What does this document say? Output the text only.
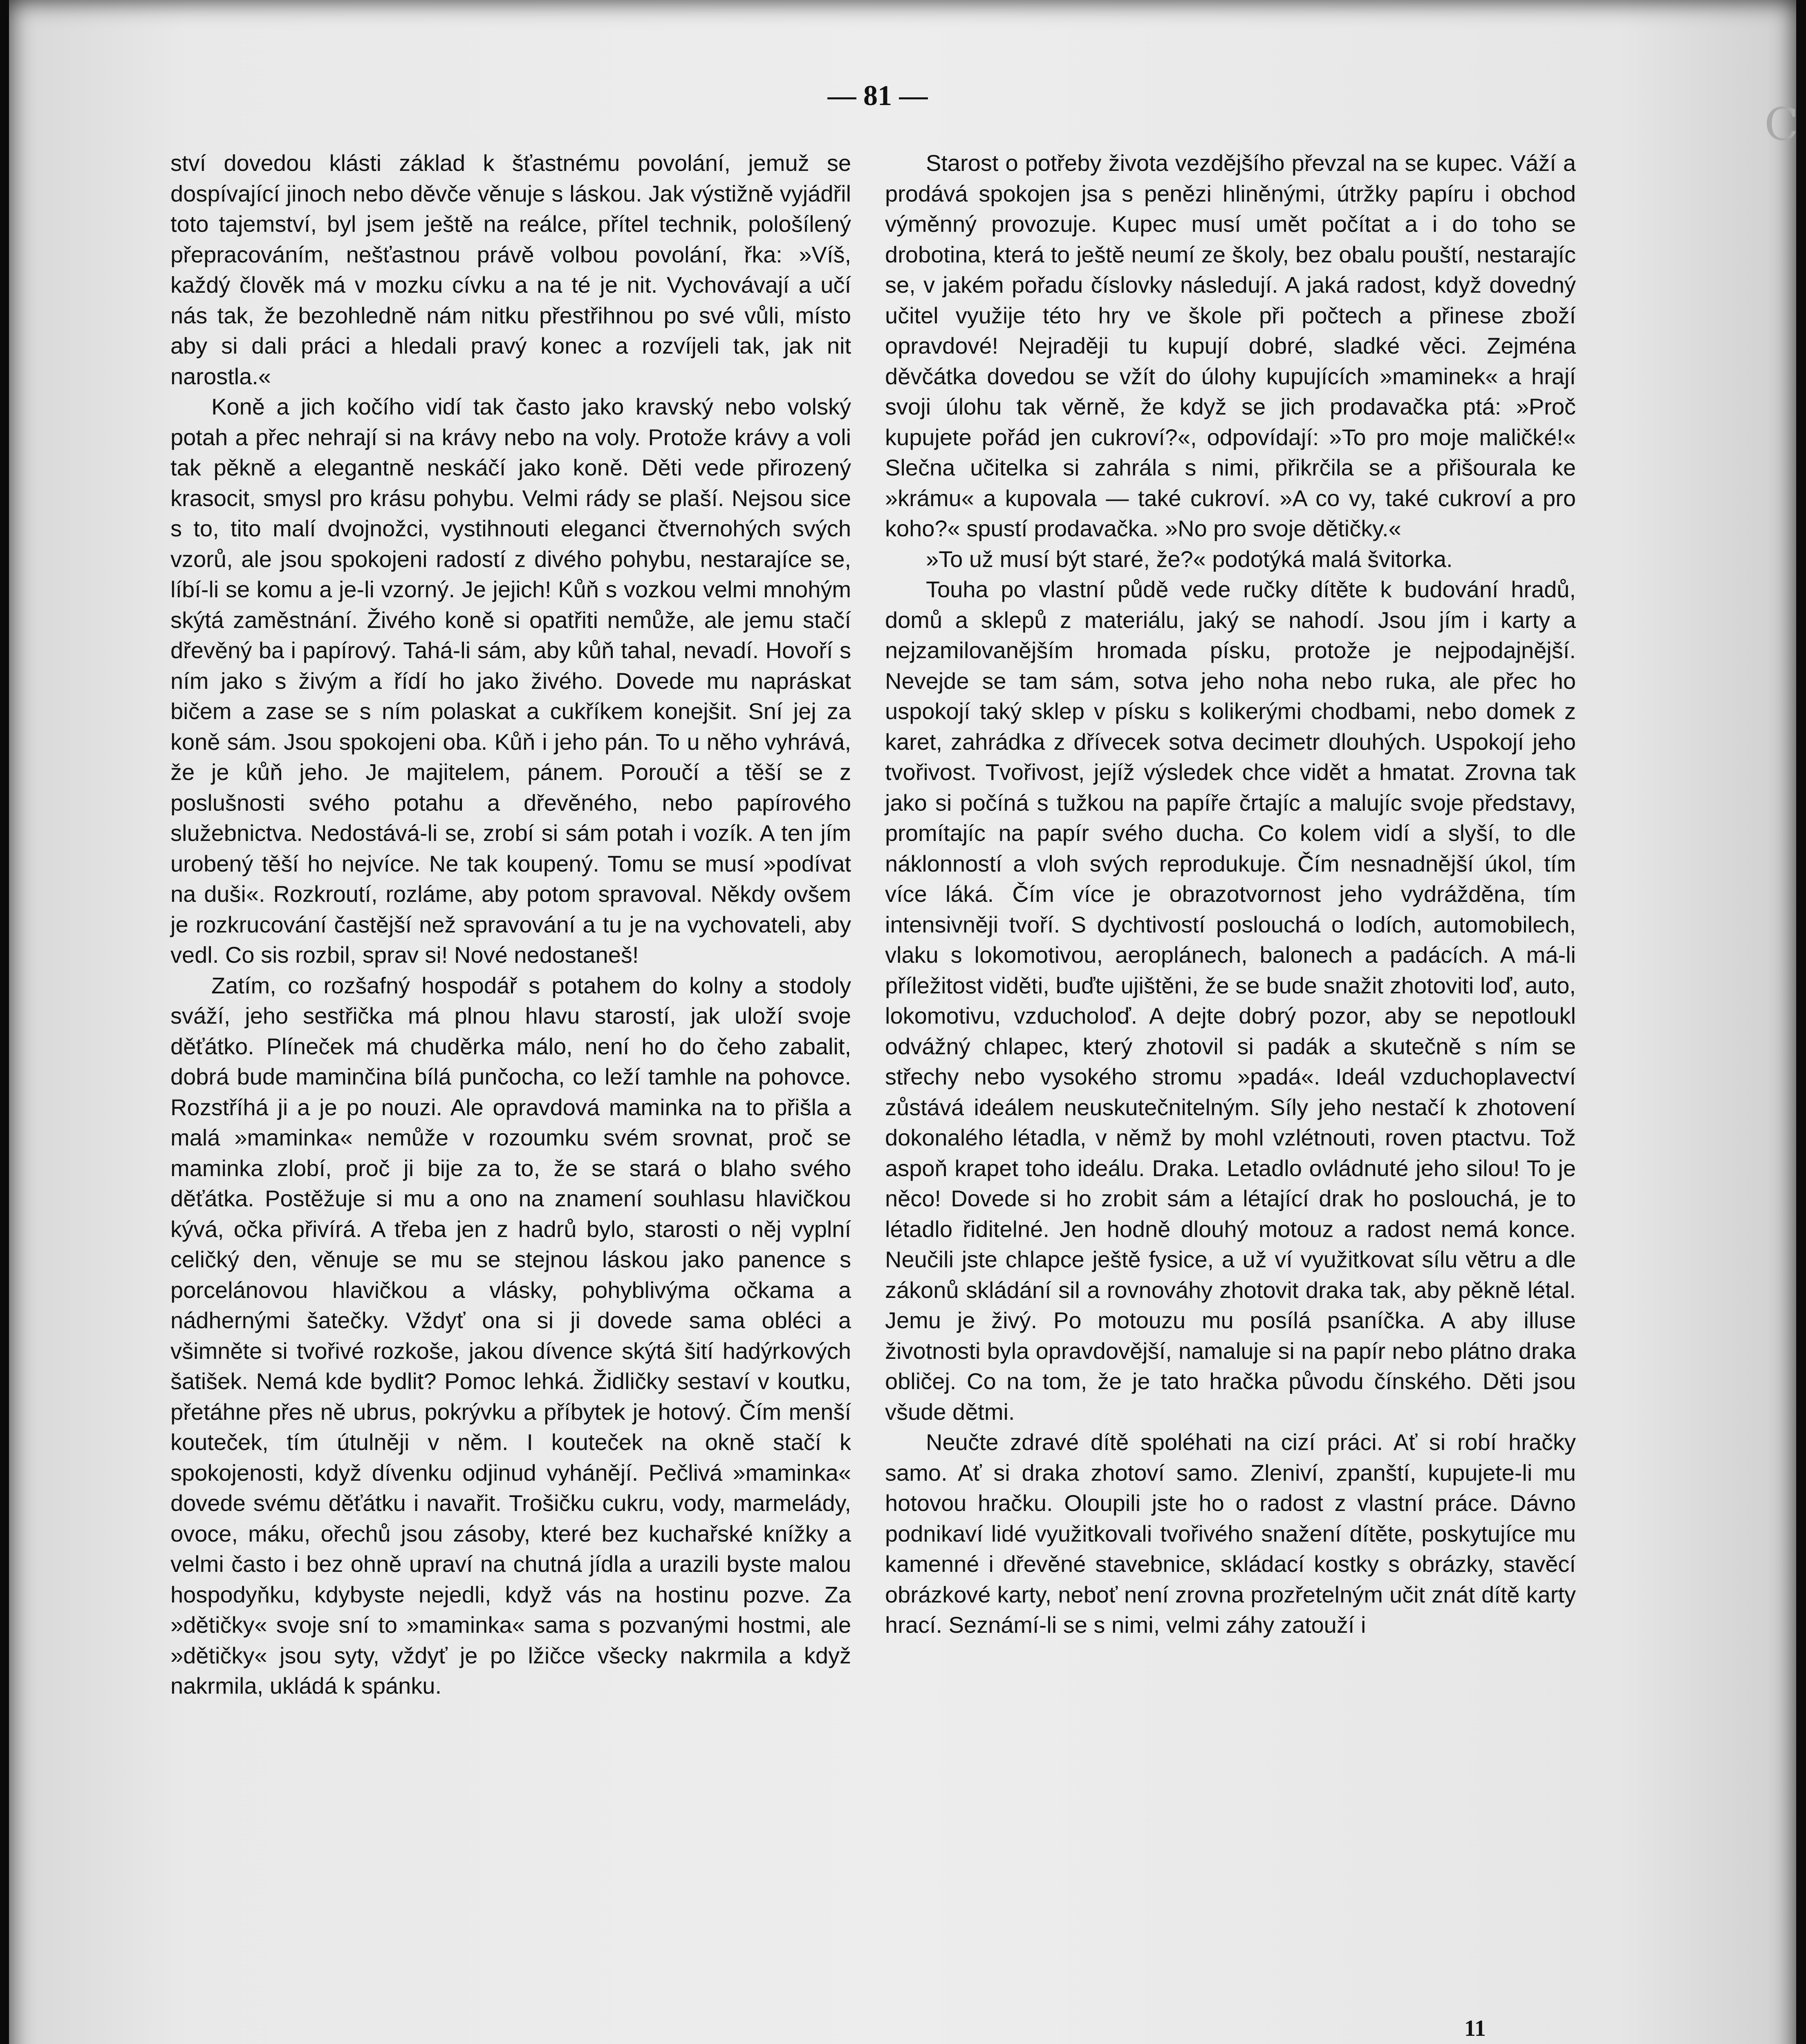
— 81 —

ství dovedou klásti základ k šťastnému povolání, jemuž se dospívající jinoch nebo děvče věnuje s láskou. Jak výstižně vyjádřil toto tajemství, byl jsem ještě na reálce, přítel technik, pološílený přepracováním, nešťastnou právě volbou povolání, řka: »Víš, každý člověk má v mozku cívku a na té je nit. Vychovávají a učí nás tak, že bezohledně nám nitku přestřihnou po své vůli, místo aby si dali práci a hledali pravý konec a rozvíjeli tak, jak nit narostla.«

Koně a jich kočího vidí tak často jako kravský nebo volský potah a přec nehrají si na krávy nebo na voly. Protože krávy a voli tak pěkně a elegantně neskáčí jako koně. Děti vede přirozený krasocit, smysl pro krásu pohybu. Velmi rády se plaší. Nejsou sice s to, tito malí dvojnožci, vystihnouti eleganci čtvernohých svých vzorů, ale jsou spokojeni radostí z divého pohybu, nestarajíce se, líbí-li se komu a je-li vzorný. Je jejich! Kůň s vozkou velmi mnohým skýtá zaměstnání. Živého koně si opatřiti nemůže, ale jemu stačí dřevěný ba i papírový. Tahá-li sám, aby kůň tahal, nevadí. Hovoří s ním jako s živým a řídí ho jako živého. Dovede mu napráskat bičem a zase se s ním polaskat a cukříkem konejšit. Sní jej za koně sám. Jsou spokojeni oba. Kůň i jeho pán. To u něho vyhrává, že je kůň jeho. Je majitelem, pánem. Poroučí a těší se z poslušnosti svého potahu a dřevěného, nebo papírového služebnictva. Nedostává-li se, zrobí si sám potah i vozík. A ten jím urobený těší ho nejvíce. Ne tak koupený. Tomu se musí »podívat na duši«. Rozkroutí, rozláme, aby potom spravoval. Někdy ovšem je rozkrucování častější než spravování a tu je na vychovateli, aby vedl. Co sis rozbil, sprav si! Nové nedostaneš!

Zatím, co rozšafný hospodář s potahem do kolny a stodoly sváží, jeho sestřička má plnou hlavu starostí, jak uloží svoje děťátko. Plíneček má chuděrka málo, není ho do čeho zabalit, dobrá bude maminčina bílá punčocha, co leží tamhle na pohovce. Rozstříhá ji a je po nouzi. Ale opravdová maminka na to přišla a malá »maminka« nemůže v rozoumku svém srovnat, proč se maminka zlobí, proč ji bije za to, že se stará o blaho svého děťátka. Postěžuje si mu a ono na znamení souhlasu hlavičkou kývá, očka přivírá. A třeba jen z hadrů bylo, starosti o něj vyplní celičký den, věnuje se mu se stejnou láskou jako panence s porcelánovou hlavičkou a vlásky, pohyblivýma očkama a nádhernými šatečky. Vždyť ona si ji dovede sama obléci a všimněte si tvořivé rozkoše, jakou dívence skýtá šití hadýrkových šatišek. Nemá kde bydlit? Pomoc lehká. Židličky sestaví v koutku, přetáhne přes ně ubrus, pokrývku a příbytek je hotový. Čím menší kouteček, tím útulněji v něm. I kouteček na okně stačí k spokojenosti, když dívenku odjinud vyhánějí. Pečlivá »maminka« dovede svému děťátku i navařit. Trošičku cukru, vody, marmelády, ovoce, máku, ořechů jsou zásoby, které bez kuchařské knížky a velmi často i bez ohně upraví na chutná jídla a urazili byste malou hospodyňku, kdybyste nejedli, když vás na hostinu pozve. Za »dětičky« svoje sní to »maminka« sama s pozvanými hostmi, ale »dětičky« jsou syty, vždyť je po lžičce všecky nakrmila a když nakrmila, ukládá k spánku.

Starost o potřeby života vezdějšího převzal na se kupec. Váží a prodává spokojen jsa s penězi hliněnými, útržky papíru i obchod výměnný provozuje. Kupec musí umět počítat a i do toho se drobotina, která to ještě neumí ze školy, bez obalu pouští, nestarajíc se, v jakém pořadu číslovky následují. A jaká radost, když dovedný učitel využije této hry ve škole při počtech a přinese zboží opravdové! Nejraději tu kupují dobré, sladké věci. Zejména děvčátka dovedou se vžít do úlohy kupujících »maminek« a hrají svoji úlohu tak věrně, že když se jich prodavačka ptá: »Proč kupujete pořád jen cukroví?«, odpovídají: »To pro moje maličké!« Slečna učitelka si zahrála s nimi, přikrčila se a přišourala ke »krámu« a kupovala — také cukroví. »A co vy, také cukroví a pro koho?« spustí prodavačka. »No pro svoje dětičky.«

»To už musí být staré, že?« podotýká malá švitorka.

Touha po vlastní půdě vede ručky dítěte k budování hradů, domů a sklepů z materiálu, jaký se nahodí. Jsou jím i karty a nejzamilovanějším hromada písku, protože je nejpodajnější. Nevejde se tam sám, sotva jeho noha nebo ruka, ale přec ho uspokojí taký sklep v písku s kolikerými chodbami, nebo domek z karet, zahrádka z dřívecek sotva decimetr dlouhých. Uspokojí jeho tvořivost. Tvořivost, jejíž výsledek chce vidět a hmatat. Zrovna tak jako si počíná s tužkou na papíře črtajíc a malujíc svoje představy, promítajíc na papír svého ducha. Co kolem vidí a slyší, to dle náklonností a vloh svých reprodukuje. Čím nesnadnější úkol, tím více láká. Čím více je obrazotvornost jeho vydrážděna, tím intensivněji tvoří. S dychtivostí poslouchá o lodích, automobilech, vlaku s lokomotivou, aeroplánech, balonech a padácích. A má-li příležitost viděti, buďte ujištěni, že se bude snažit zhotoviti loď, auto, lokomotivu, vzducholoď. A dejte dobrý pozor, aby se nepotloukl odvážný chlapec, který zhotovil si padák a skutečně s ním se střechy nebo vysokého stromu »padá«. Ideál vzduchoplavectví zůstává ideálem neuskutečnitelným. Síly jeho nestačí k zhotovení dokonalého létadla, v němž by mohl vzlétnouti, roven ptactvu. Tož aspoň krapet toho ideálu. Draka. Letadlo ovládnuté jeho silou! To je něco! Dovede si ho zrobit sám a létající drak ho poslouchá, je to létadlo řiditelné. Jen hodně dlouhý motouz a radost nemá konce. Neučili jste chlapce ještě fysice, a už ví využitkovat sílu větru a dle zákonů skládání sil a rovnováhy zhotovit draka tak, aby pěkně létal. Jemu je živý. Po motouzu mu posílá psaníčka. A aby illuse životnosti byla opravdovější, namaluje si na papír nebo plátno draka obličej. Co na tom, že je tato hračka původu čínského. Děti jsou všude dětmi.

Neučte zdravé dítě spoléhati na cizí práci. Ať si robí hračky samo. Ať si draka zhotoví samo. Zleniví, zpanští, kupujete-li mu hotovou hračku. Oloupili jste ho o radost z vlastní práce. Dávno podnikaví lidé využitkovali tvořivého snažení dítěte, poskytujíce mu kamenné i dřevěné stavebnice, skládací kostky s obrázky, stavěcí obrázkové karty, neboť není zrovna prozřetelným učit znát dítě karty hrací. Seznámí-li se s nimi, velmi záhy zatouží i

11
C
